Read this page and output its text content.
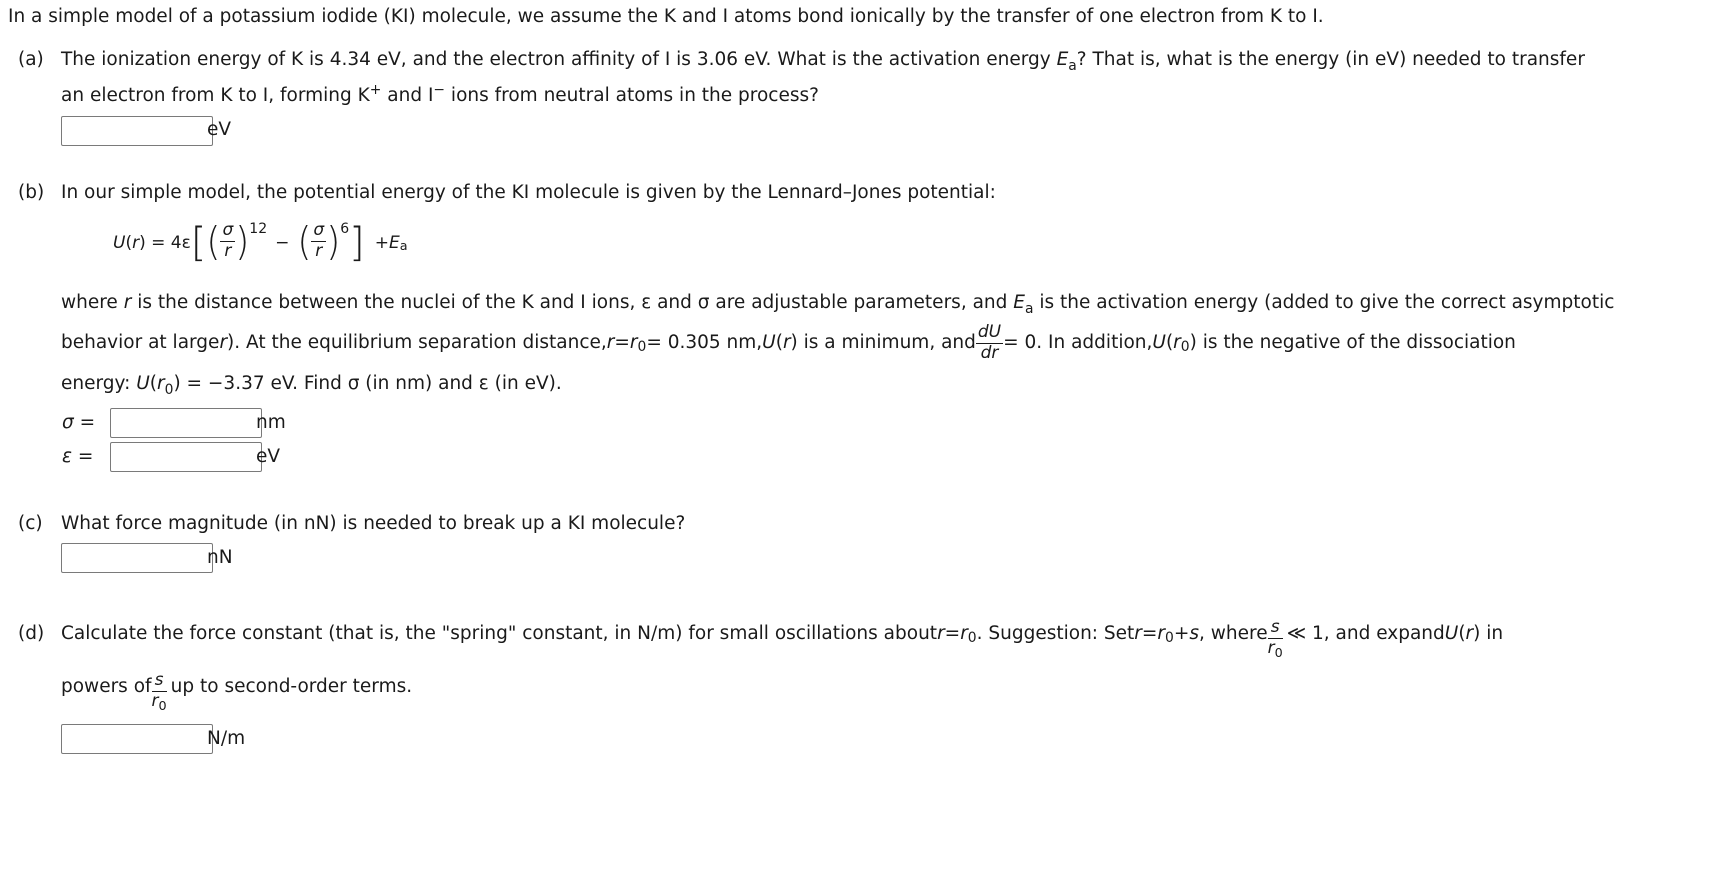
In a simple model of a potassium iodide (KI) molecule, we assume the K and I atoms bond ionically by the transfer of one electron from K to I.
(a) The ionization energy of K is 4.34 eV, and the electron affinity of I is 3.06 eV. What is the activation energy $E_a$? That is, what is the energy (in eV) needed to transfer
an electron from K to I, forming K+ and I− ions from neutral atoms in the process?
eV
(b) In our simple model, the potential energy of the KI molecule is given by the Lennard–Jones potential:
U ( r ) = 4ε [ ( $\frac{\sigma}{r}$ ) 12
− ( $\frac{\sigma}{r}$ ) 6 ] + E a
where r is the distance between the nuclei of the K and I ions, ε and σ are adjustable parameters, and $E_a$ is the activation energy (added to give the correct asymptotic
behavior at large r ). At the equilibrium separation distance, r = r 0 = 0.305 nm, U ( r ) is a minimum, and $\frac{dU}{dr} = 0$. In addition, U ( r 0 ) is the negative of the dissociation
energy: $U(r_0) = -3.37$ eV. Find σ (in nm) and ε (in eV).
σ =	nm
ε =	eV
(c) What force magnitude (in nN) is needed to break up a KI molecule?
nN
(d) Calculate the force constant (that is, the "spring" constant, in N/m) for small oscillations about r = r 0 . Suggestion: Set r = r 0 + s , where $\frac{s}{r_0}$ ≪ 1, and expand U ( r ) in
powers of $\frac{s}{r_0}$ up to second-order terms.
N/m
